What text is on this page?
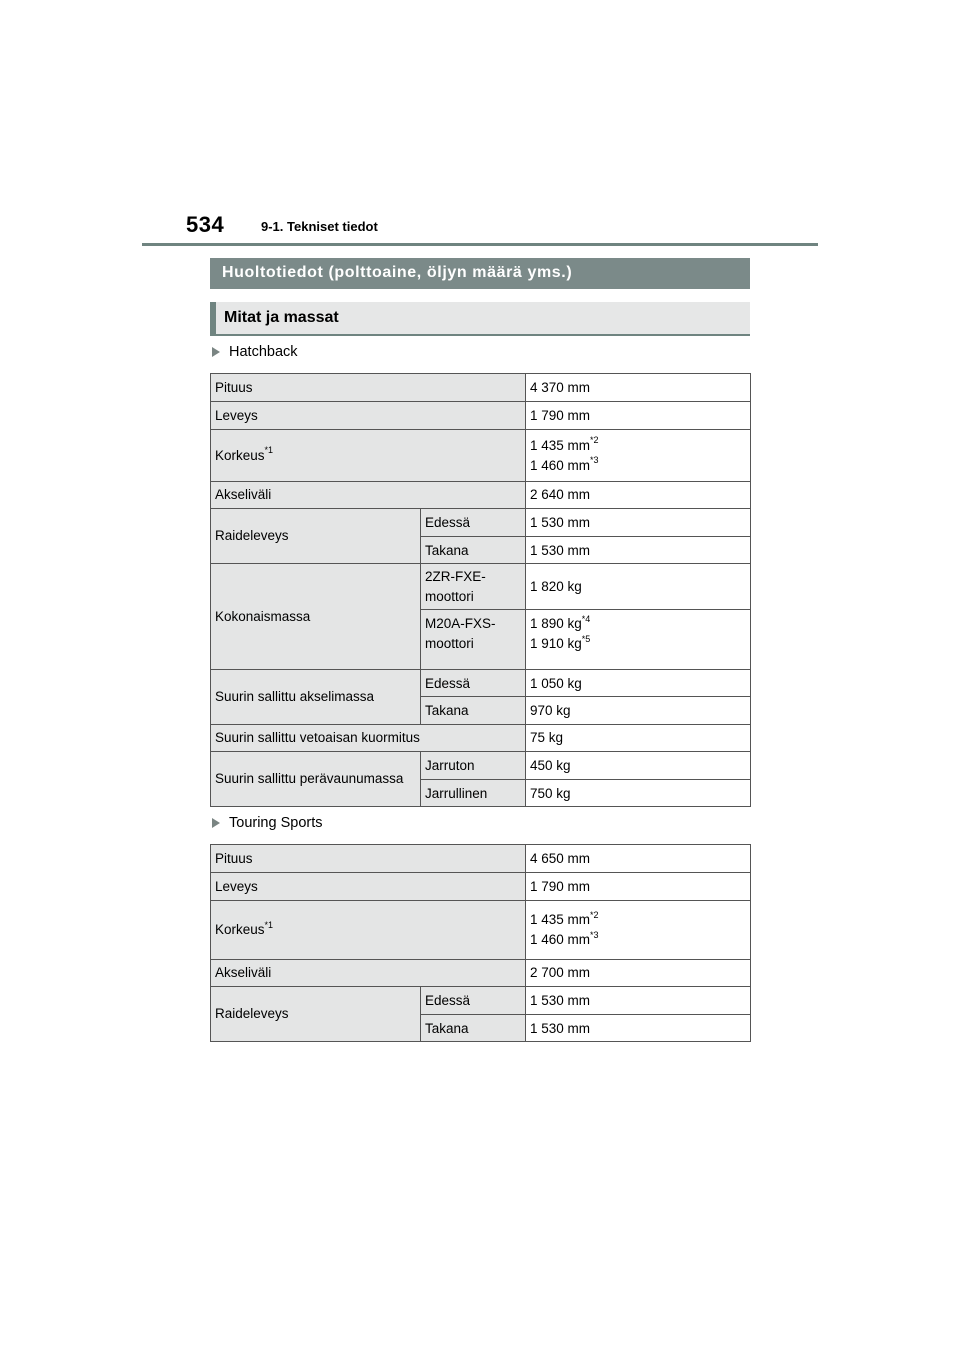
534	9-1. Tekniset tiedot
Huoltotiedot (polttoaine, öljyn määrä yms.)
Mitat ja massat
Hatchback
Pituus		4 370 mm
Leveys		1 790 mm
Korkeus$^{*1}$		1 435 $mm^{*2}$
1 460 $mm^{*3}$

Akseliväli		2 640 mm
Raideleveys	Edessä	1 530 mm
	Takana	1 530 mm
Kokonaismassa	2ZR-FXE-moottori	1 820 kg
	M20A-FXS-moottori	1 890 $kg^{*4}$
1 910 $kg^{*5}$

Suurin sallittu akselimassa	Edessä	1 050 kg
	Takana	970 kg
Suurin sallittu vetoaisan kuormitus		75 kg
Suurin sallittu perävaunumassa	Jarruton	450 kg
	Jarrullinen	750 kg
Touring Sports
Pituus		4 650 mm
Leveys		1 790 mm
Korkeus$^{*1}$		1 435 $mm^{*2}$
1 460 $mm^{*3}$

Akseliväli		2 700 mm
Raideleveys	Edessä	1 530 mm
	Takana	1 530 mm
